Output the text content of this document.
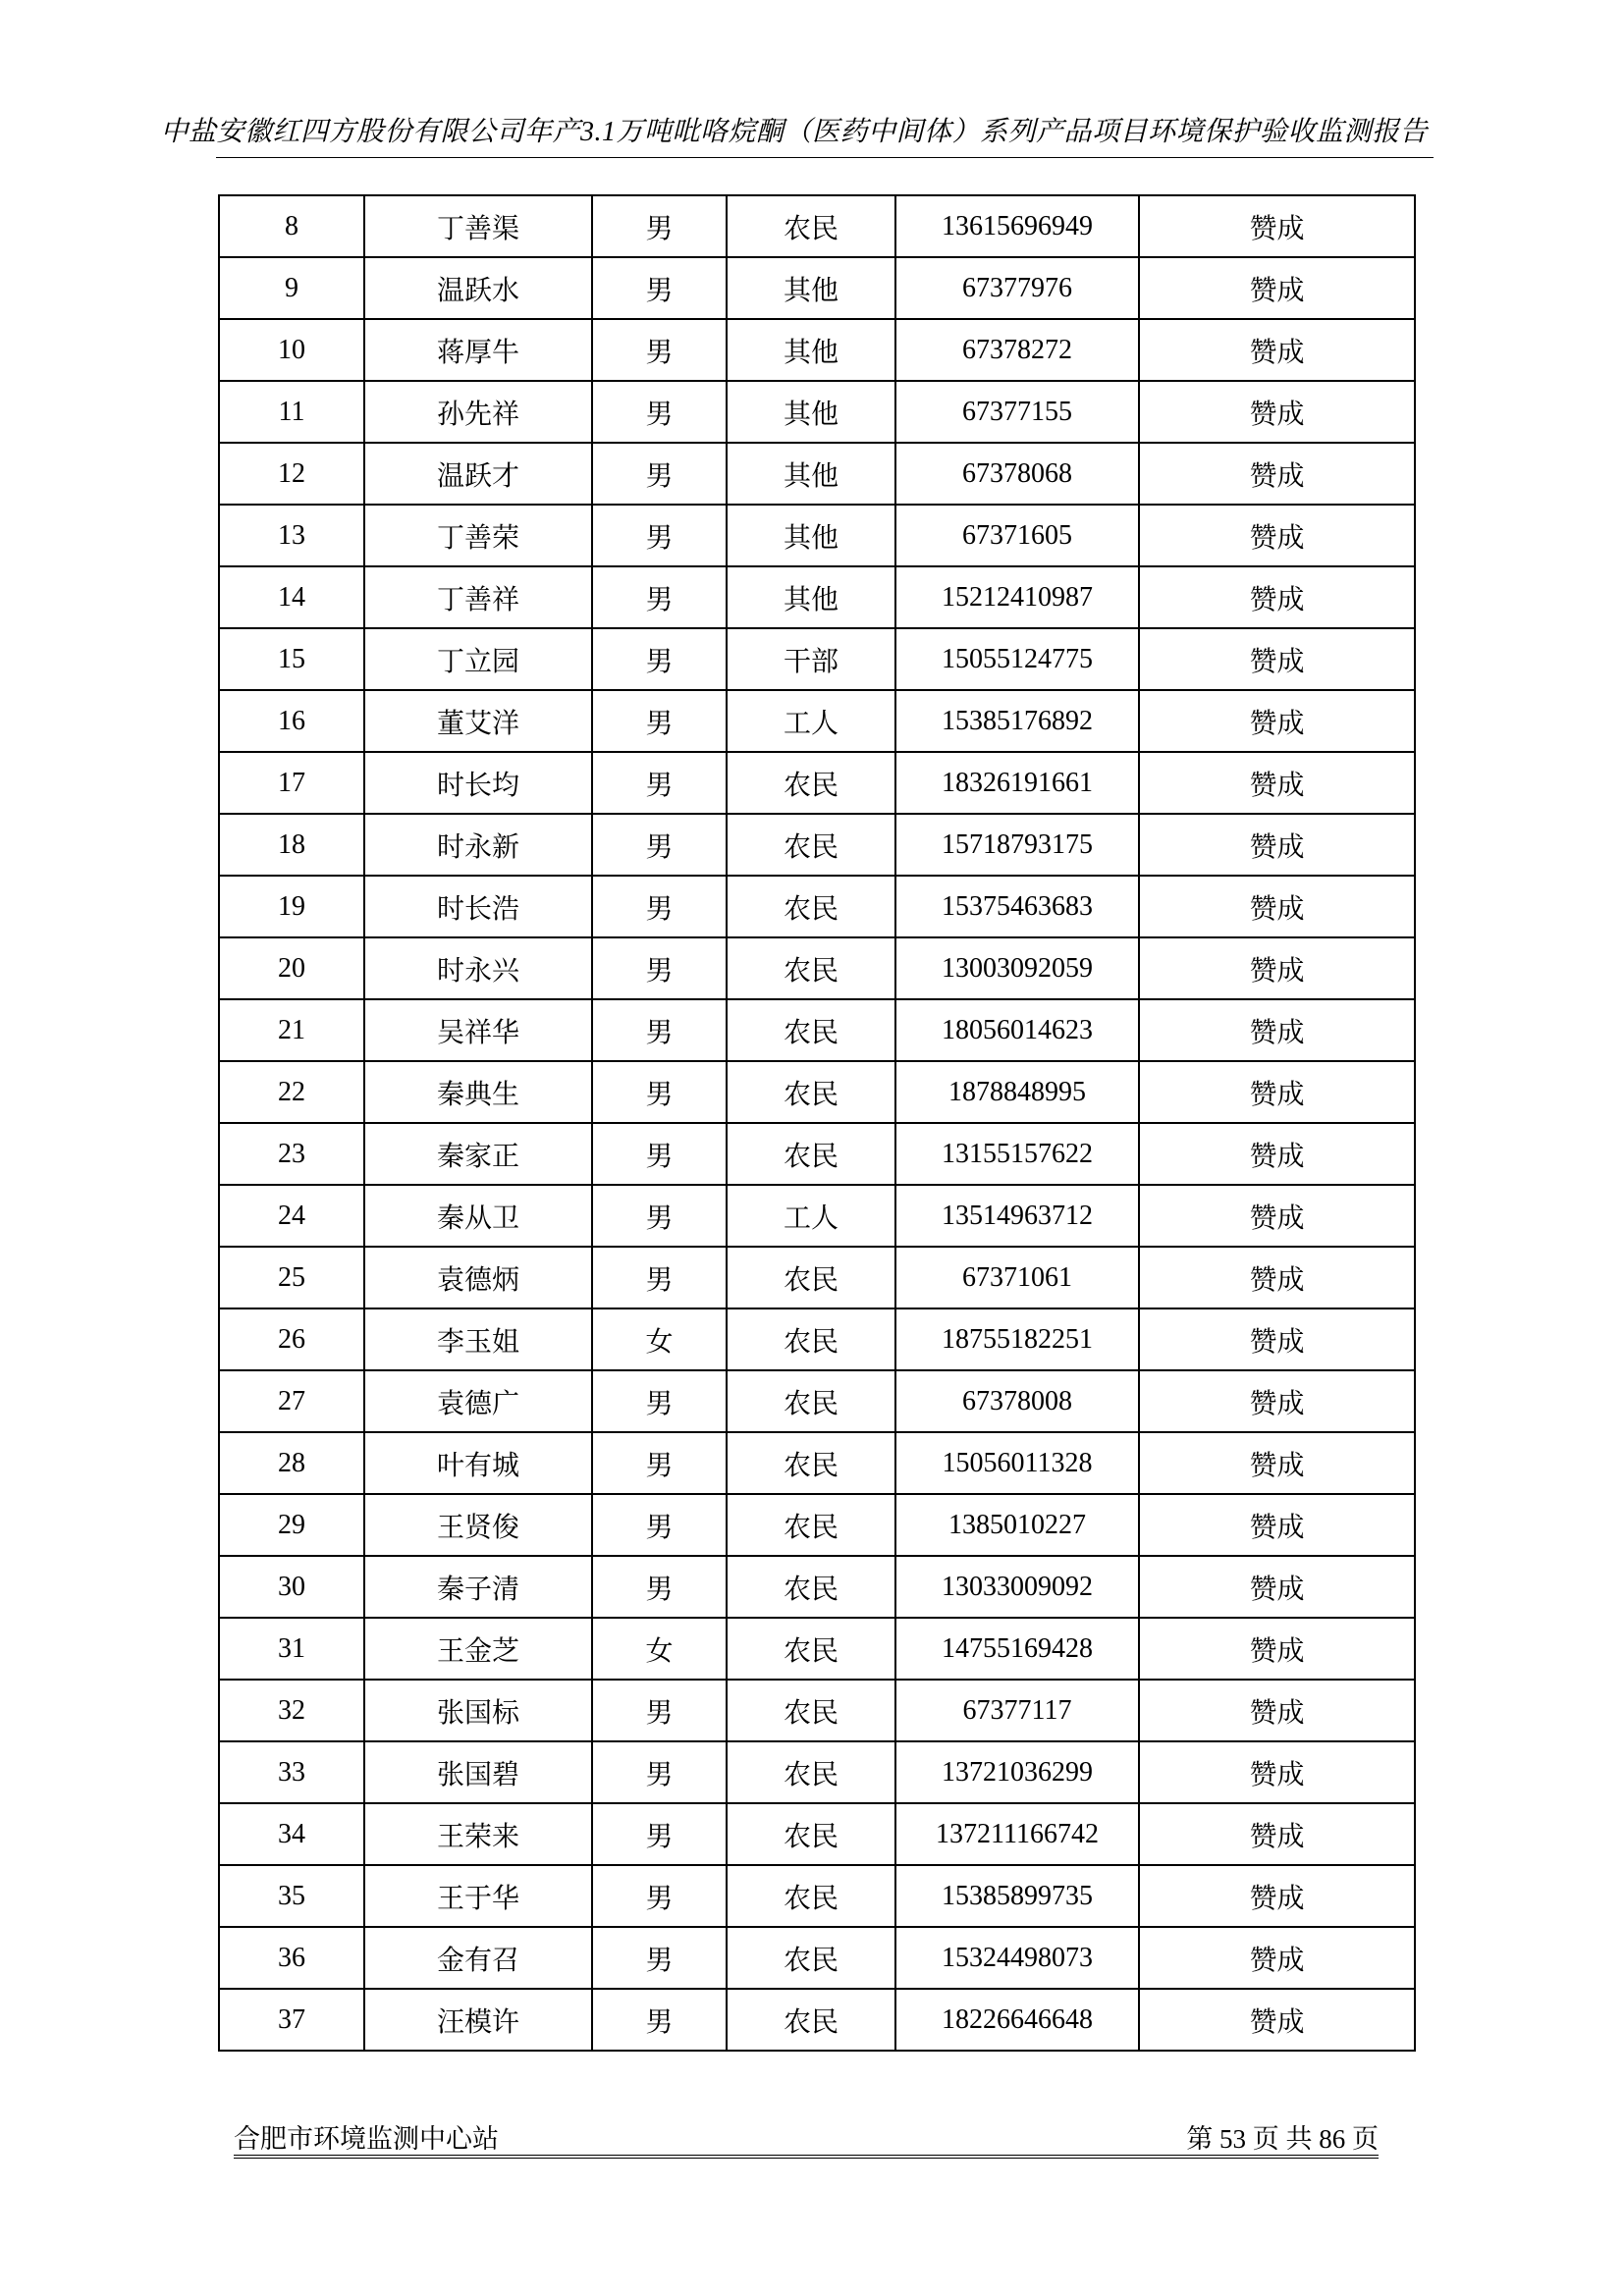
中盐安徽红四方股份有限公司年产3.1万吨吡咯烷酮（医药中间体）系列产品项目环境保护验收监测报告
8	丁善渠	男	农民	13615696949	赞成
9	温跃水	男	其他	67377976	赞成
10	蒋厚牛	男	其他	67378272	赞成
11	孙先祥	男	其他	67377155	赞成
12	温跃才	男	其他	67378068	赞成
13	丁善荣	男	其他	67371605	赞成
14	丁善祥	男	其他	15212410987	赞成
15	丁立园	男	干部	15055124775	赞成
16	董艾洋	男	工人	15385176892	赞成
17	时长均	男	农民	18326191661	赞成
18	时永新	男	农民	15718793175	赞成
19	时长浩	男	农民	15375463683	赞成
20	时永兴	男	农民	13003092059	赞成
21	吴祥华	男	农民	18056014623	赞成
22	秦典生	男	农民	1878848995	赞成
23	秦家正	男	农民	13155157622	赞成
24	秦从卫	男	工人	13514963712	赞成
25	袁德炳	男	农民	67371061	赞成
26	李玉姐	女	农民	18755182251	赞成
27	袁德广	男	农民	67378008	赞成
28	叶有城	男	农民	15056011328	赞成
29	王贤俊	男	农民	1385010227	赞成
30	秦子清	男	农民	13033009092	赞成
31	王金芝	女	农民	14755169428	赞成
32	张国标	男	农民	67377117	赞成
33	张国碧	男	农民	13721036299	赞成
34	王荣来	男	农民	137211166742	赞成
35	王于华	男	农民	15385899735	赞成
36	金有召	男	农民	15324498073	赞成
37	汪模许	男	农民	18226646648	赞成
合肥市环境监测中心站	第 53 页 共 86 页
